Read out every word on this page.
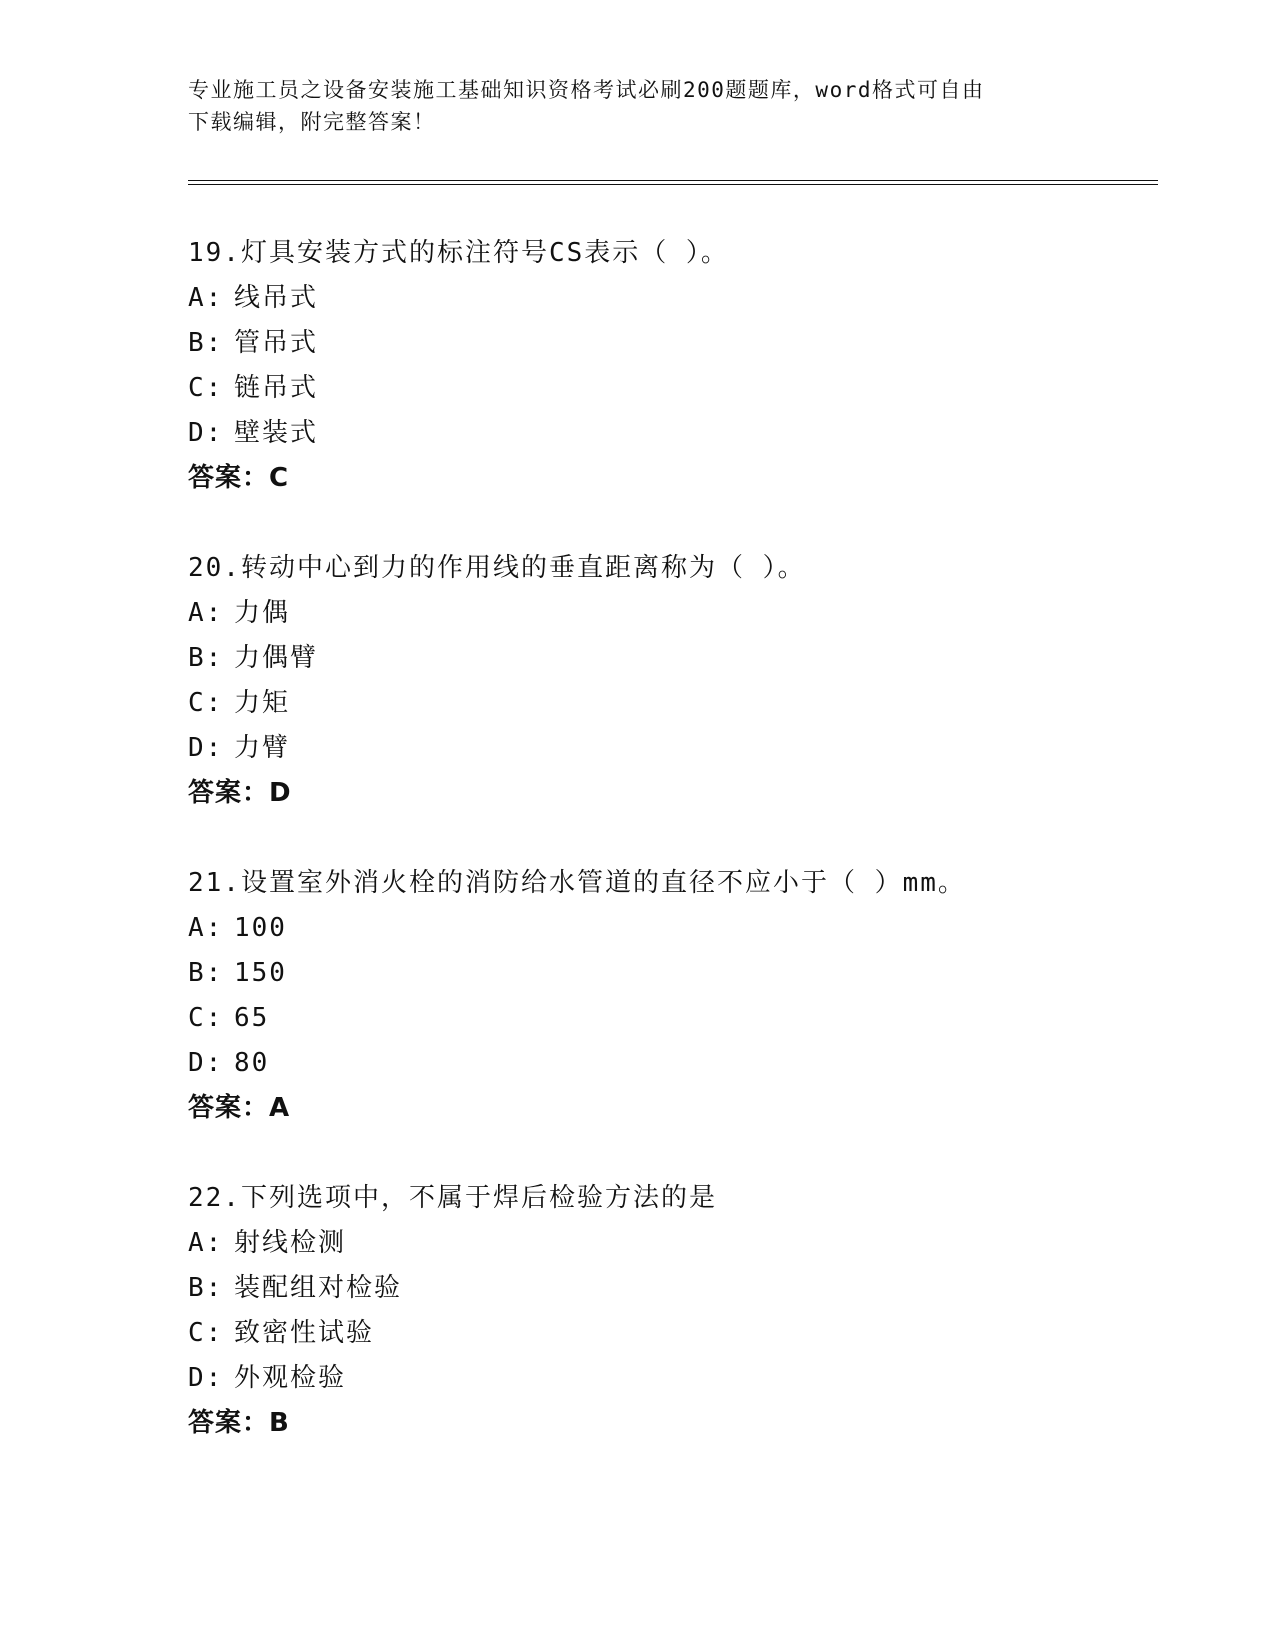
专业施工员之设备安装施工基础知识资格考试必刷200题题库，word格式可自由
下载编辑，附完整答案！
19.灯具安装方式的标注符号CS表示（ ）。
A: 线吊式
B: 管吊式
C: 链吊式
D: 壁装式
答案：C
20.转动中心到力的作用线的垂直距离称为（ ）。
A: 力偶
B: 力偶臂
C: 力矩
D: 力臂
答案：D
21.设置室外消火栓的消防给水管道的直径不应小于（ ）mm。
A: 100
B: 150
C: 65
D: 80
答案：A
22.下列选项中，不属于焊后检验方法的是
A: 射线检测
B: 装配组对检验
C: 致密性试验
D: 外观检验
答案：B
